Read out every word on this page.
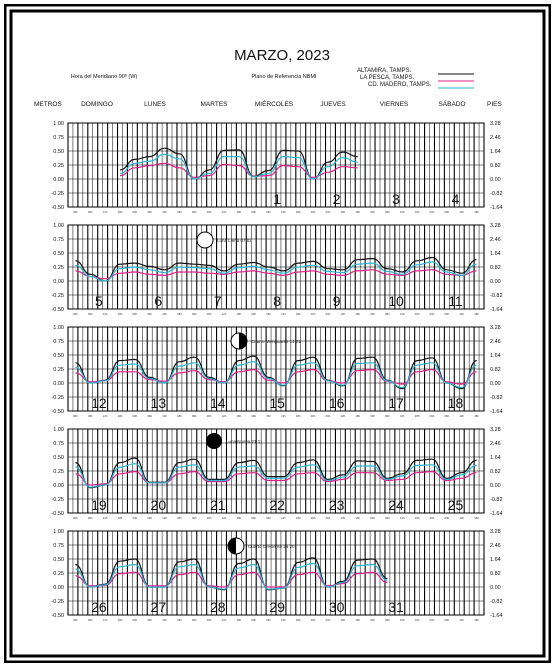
MARZO, 2023
Hora del Meridiano 90º (W)	Plano de Referencia NBMI
ALTAMIRA, TAMPS.
LA PESCA, TAMPS.
CD. MADERO, TAMPS.
METROS	PIES
DOMINGO	LUNES	MARTES	MIÉRCOLES	JUEVES	VIERNES	SÁBADO
1.00
0.75
0.50
0.25
0.00
-0.25
-0.50
3.28
2.46
1.64
0.82
0.00
-0.82
-1.64
00h	06h	12h	18h	00h	06h	12h	18h	00h	06h	12h	18h	00h	06h	12h	18h	00h	06h	12h	18h	00h	06h	12h	18h	00h	06h	12h	18h
1	2	3	4
1.00
0.75
0.50
0.25
0.00
-0.25
-0.50
3.28
2.46
1.64
0.82
0.00
-0.82
-1.64
00h	06h	12h	18h	00h	06h	12h	18h	00h	06h	12h	18h	00h	06h	12h	18h	00h	06h	12h	18h	00h	06h	12h	18h	00h	06h	12h	18h
5	6	7	8	9	10	11
1.00
0.75
0.50
0.25
0.00
-0.25
-0.50
3.28
2.46
1.64
0.82
0.00
-0.82
-1.64
00h	06h	12h	18h	00h	06h	12h	18h	00h	06h	12h	18h	00h	06h	12h	18h	00h	06h	12h	18h	00h	06h	12h	18h	00h	06h	12h	18h
12	13	14	15	16	17	18
1.00
0.75
0.50
0.25
0.00
-0.25
-0.50
3.28
2.46
1.64
0.82
0.00
-0.82
-1.64
00h	06h	12h	18h	00h	06h	12h	18h	00h	06h	12h	18h	00h	06h	12h	18h	00h	06h	12h	18h	00h	06h	12h	18h	00h	06h	12h	18h
19	20	21	22	23	24	25
1.00
0.75
0.50
0.25
0.00
-0.25
-0.50
3.28
2.46
1.64
0.82
0.00
-0.82
-1.64
00h	06h	12h	18h	00h	06h	12h	18h	00h	06h	12h	18h	00h	06h	12h	18h	00h	06h	12h	18h	00h	06h	12h	18h	00h	06h	12h	18h
26	27	28	29	30	31
Luna Llena 07 02
Cuarto Menguante 14 21
Luna Nueva 21 11
Cuarto Creciente 28 20
